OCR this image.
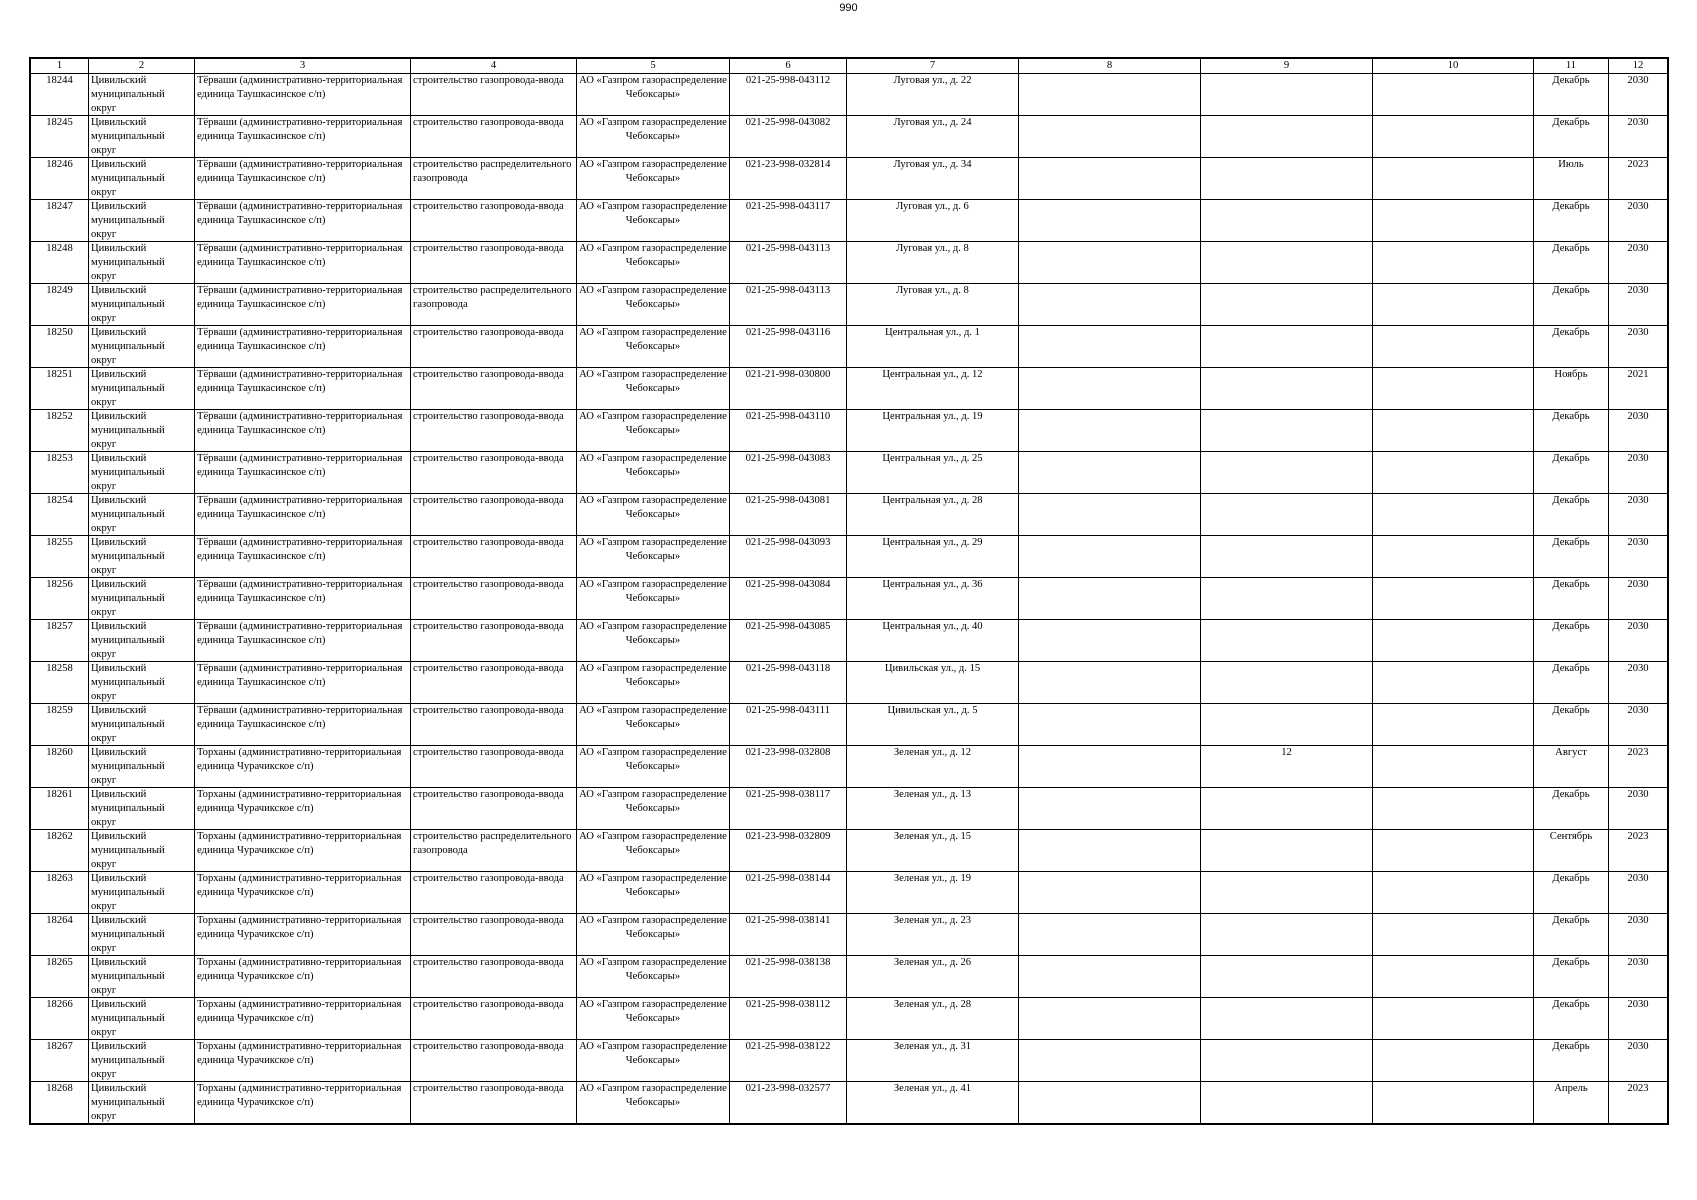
990
1	2	3	4	5	6	7	8	9	10	11	12

18244	Цивильский муниципальный округ	Тӗрваши (административно-территориальная единица Таушкасинское с/п)	строительство газопровода-ввода	АО «Газпром газораспределение Чебоксары»	021-25-998-043112	Луговая ул., д. 22				Декабрь	2030

18245	Цивильский муниципальный округ	Тӗрваши (административно-территориальная единица Таушкасинское с/п)	строительство газопровода-ввода	АО «Газпром газораспределение Чебоксары»	021-25-998-043082	Луговая ул., д. 24				Декабрь	2030

18246	Цивильский муниципальный округ	Тӗрваши (административно-территориальная единица Таушкасинское с/п)	строительство распределительного газопровода	АО «Газпром газораспределение Чебоксары»	021-23-998-032814	Луговая ул., д. 34				Июль	2023

18247	Цивильский муниципальный округ	Тӗрваши (административно-территориальная единица Таушкасинское с/п)	строительство газопровода-ввода	АО «Газпром газораспределение Чебоксары»	021-25-998-043117	Луговая ул., д. 6				Декабрь	2030

18248	Цивильский муниципальный округ	Тӗрваши (административно-территориальная единица Таушкасинское с/п)	строительство газопровода-ввода	АО «Газпром газораспределение Чебоксары»	021-25-998-043113	Луговая ул., д. 8				Декабрь	2030

18249	Цивильский муниципальный округ	Тӗрваши (административно-территориальная единица Таушкасинское с/п)	строительство распределительного газопровода	АО «Газпром газораспределение Чебоксары»	021-25-998-043113	Луговая ул., д. 8				Декабрь	2030

18250	Цивильский муниципальный округ	Тӗрваши (административно-территориальная единица Таушкасинское с/п)	строительство газопровода-ввода	АО «Газпром газораспределение Чебоксары»	021-25-998-043116	Центральная ул., д. 1				Декабрь	2030

18251	Цивильский муниципальный округ	Тӗрваши (административно-территориальная единица Таушкасинское с/п)	строительство газопровода-ввода	АО «Газпром газораспределение Чебоксары»	021-21-998-030800	Центральная ул., д. 12				Ноябрь	2021

18252	Цивильский муниципальный округ	Тӗрваши (административно-территориальная единица Таушкасинское с/п)	строительство газопровода-ввода	АО «Газпром газораспределение Чебоксары»	021-25-998-043110	Центральная ул., д. 19				Декабрь	2030

18253	Цивильский муниципальный округ	Тӗрваши (административно-территориальная единица Таушкасинское с/п)	строительство газопровода-ввода	АО «Газпром газораспределение Чебоксары»	021-25-998-043083	Центральная ул., д. 25				Декабрь	2030

18254	Цивильский муниципальный округ	Тӗрваши (административно-территориальная единица Таушкасинское с/п)	строительство газопровода-ввода	АО «Газпром газораспределение Чебоксары»	021-25-998-043081	Центральная ул., д. 28				Декабрь	2030

18255	Цивильский муниципальный округ	Тӗрваши (административно-территориальная единица Таушкасинское с/п)	строительство газопровода-ввода	АО «Газпром газораспределение Чебоксары»	021-25-998-043093	Центральная ул., д. 29				Декабрь	2030

18256	Цивильский муниципальный округ	Тӗрваши (административно-территориальная единица Таушкасинское с/п)	строительство газопровода-ввода	АО «Газпром газораспределение Чебоксары»	021-25-998-043084	Центральная ул., д. 36				Декабрь	2030

18257	Цивильский муниципальный округ	Тӗрваши (административно-территориальная единица Таушкасинское с/п)	строительство газопровода-ввода	АО «Газпром газораспределение Чебоксары»	021-25-998-043085	Центральная ул., д. 40				Декабрь	2030

18258	Цивильский муниципальный округ	Тӗрваши (административно-территориальная единица Таушкасинское с/п)	строительство газопровода-ввода	АО «Газпром газораспределение Чебоксары»	021-25-998-043118	Цивильская ул., д. 15				Декабрь	2030

18259	Цивильский муниципальный округ	Тӗрваши (административно-территориальная единица Таушкасинское с/п)	строительство газопровода-ввода	АО «Газпром газораспределение Чебоксары»	021-25-998-043111	Цивильская ул., д. 5				Декабрь	2030

18260	Цивильский муниципальный округ	Торханы (административно-территориальная единица Чурачикское с/п)	строительство газопровода-ввода	АО «Газпром газораспределение Чебоксары»	021-23-998-032808	Зеленая ул., д. 12		12		Август	2023

18261	Цивильский муниципальный округ	Торханы (административно-территориальная единица Чурачикское с/п)	строительство газопровода-ввода	АО «Газпром газораспределение Чебоксары»	021-25-998-038117	Зеленая ул., д. 13				Декабрь	2030

18262	Цивильский муниципальный округ	Торханы (административно-территориальная единица Чурачикское с/п)	строительство распределительного газопровода	АО «Газпром газораспределение Чебоксары»	021-23-998-032809	Зеленая ул., д. 15				Сентябрь	2023

18263	Цивильский муниципальный округ	Торханы (административно-территориальная единица Чурачикское с/п)	строительство газопровода-ввода	АО «Газпром газораспределение Чебоксары»	021-25-998-038144	Зеленая ул., д. 19				Декабрь	2030

18264	Цивильский муниципальный округ	Торханы (административно-территориальная единица Чурачикское с/п)	строительство газопровода-ввода	АО «Газпром газораспределение Чебоксары»	021-25-998-038141	Зеленая ул., д. 23				Декабрь	2030

18265	Цивильский муниципальный округ	Торханы (административно-территориальная единица Чурачикское с/п)	строительство газопровода-ввода	АО «Газпром газораспределение Чебоксары»	021-25-998-038138	Зеленая ул., д. 26				Декабрь	2030

18266	Цивильский муниципальный округ	Торханы (административно-территориальная единица Чурачикское с/п)	строительство газопровода-ввода	АО «Газпром газораспределение Чебоксары»	021-25-998-038112	Зеленая ул., д. 28				Декабрь	2030

18267	Цивильский муниципальный округ	Торханы (административно-территориальная единица Чурачикское с/п)	строительство газопровода-ввода	АО «Газпром газораспределение Чебоксары»	021-25-998-038122	Зеленая ул., д. 31				Декабрь	2030

18268	Цивильский муниципальный округ	Торханы (административно-территориальная единица Чурачикское с/п)	строительство газопровода-ввода	АО «Газпром газораспределение Чебоксары»	021-23-998-032577	Зеленая ул., д. 41				Апрель	2023
